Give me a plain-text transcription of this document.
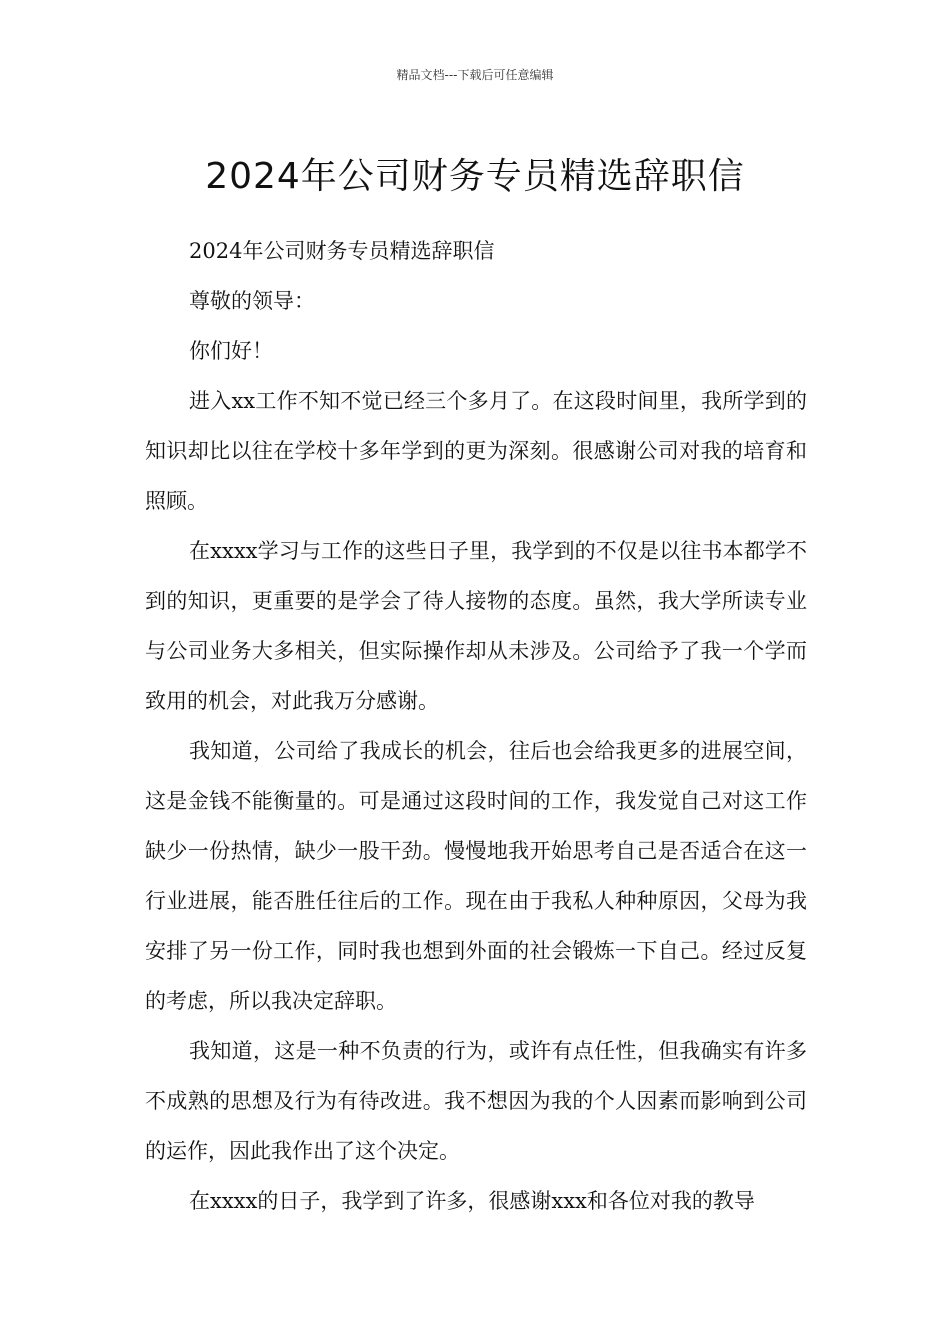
精品文档---下载后可任意编辑
2024年公司财务专员精选辞职信

2024年公司财务专员精选辞职信

尊敬的领导：

你们好！

进入xx工作不知不觉已经三个多月了。在这段时间里，我所学到的知识却比以往在学校十多年学到的更为深刻。很感谢公司对我的培育和照顾。

在xxxx学习与工作的这些日子里，我学到的不仅是以往书本都学不到的知识，更重要的是学会了待人接物的态度。虽然，我大学所读专业与公司业务大多相关，但实际操作却从未涉及。公司给予了我一个学而致用的机会，对此我万分感谢。

我知道，公司给了我成长的机会，往后也会给我更多的进展空间，这是金钱不能衡量的。可是通过这段时间的工作，我发觉自己对这工作缺少一份热情，缺少一股干劲。慢慢地我开始思考自己是否适合在这一行业进展，能否胜任往后的工作。现在由于我私人种种原因，父母为我安排了另一份工作，同时我也想到外面的社会锻炼一下自己。经过反复的考虑，所以我决定辞职。

我知道，这是一种不负责的行为，或许有点任性，但我确实有许多不成熟的思想及行为有待改进。我不想因为我的个人因素而影响到公司的运作，因此我作出了这个决定。

在xxxx的日子，我学到了许多，很感谢xxx和各位对我的教导
